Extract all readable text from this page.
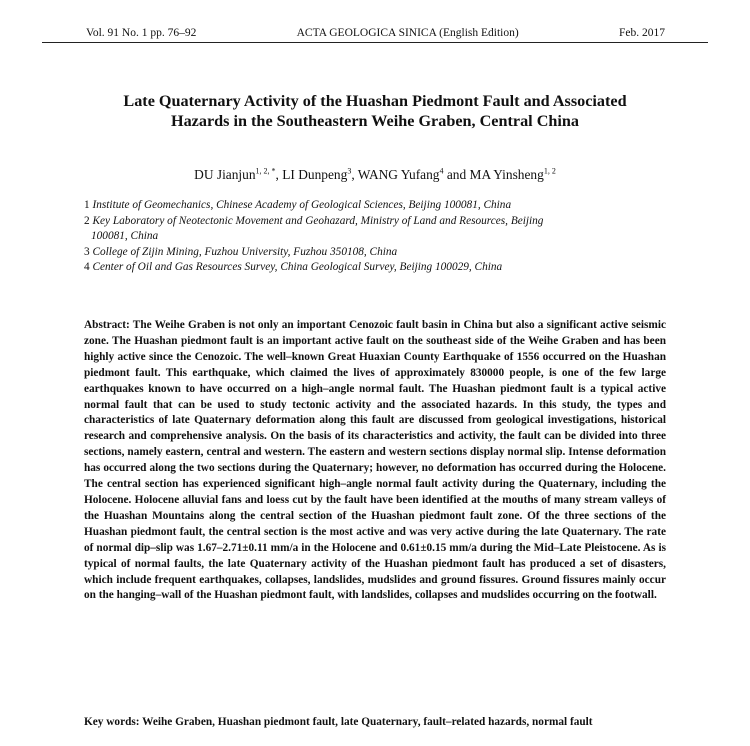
Vol. 91 No. 1 pp. 76–92	ACTA GEOLOGICA SINICA (English Edition)	Feb. 2017
Late Quaternary Activity of the Huashan Piedmont Fault and Associated
Hazards in the Southeastern Weihe Graben, Central China
DU Jianjun$^{1, 2, *}$, LI Dunpeng$^3$, WANG Yufang$^4$ and MA Yinsheng$^{1, 2}$

1 Institute of Geomechanics, Chinese Academy of Geological Sciences, Beijing 100081, China

2 Key Laboratory of Neotectonic Movement and Geohazard, Ministry of Land and Resources, Beijing
100081, China

3 College of Zijin Mining, Fuzhou University, Fuzhou 350108, China

4 Center of Oil and Gas Resources Survey, China Geological Survey, Beijing 100029, China

Abstract: The Weihe Graben is not only an important Cenozoic fault basin in China but also a significant active seismic zone. The Huashan piedmont fault is an important active fault on the southeast side of the Weihe Graben and has been highly active since the Cenozoic. The well–known Great Huaxian County Earthquake of 1556 occurred on the Huashan piedmont fault. This earthquake, which claimed the lives of approximately 830000 people, is one of the few large earthquakes known to have occurred on a high–angle normal fault. The Huashan piedmont fault is a typical active normal fault that can be used to study tectonic activity and the associated hazards. In this study, the types and characteristics of late Quaternary deformation along this fault are discussed from geological investigations, historical research and comprehensive analysis. On the basis of its characteristics and activity, the fault can be divided into three sections, namely eastern, central and western. The eastern and western sections display normal slip. Intense deformation has occurred along the two sections during the Quaternary; however, no deformation has occurred during the Holocene. The central section has experienced significant high–angle normal fault activity during the Quaternary, including the Holocene. Holocene alluvial fans and loess cut by the fault have been identified at the mouths of many stream valleys of the Huashan Mountains along the central section of the Huashan piedmont fault zone. Of the three sections of the Huashan piedmont fault, the central section is the most active and was very active during the late Quaternary. The rate of normal dip–slip was 1.67–2.71±0.11 mm/a in the Holocene and 0.61±0.15 mm/a during the Mid–Late Pleistocene. As is typical of normal faults, the late Quaternary activity of the Huashan piedmont fault has produced a set of disasters, which include frequent earthquakes, collapses, landslides, mudslides and ground fissures. Ground fissures mainly occur on the hanging–wall of the Huashan piedmont fault, with landslides, collapses and mudslides occurring on the footwall.

Key words: Weihe Graben, Huashan piedmont fault, late Quaternary, fault–related hazards, normal fault
